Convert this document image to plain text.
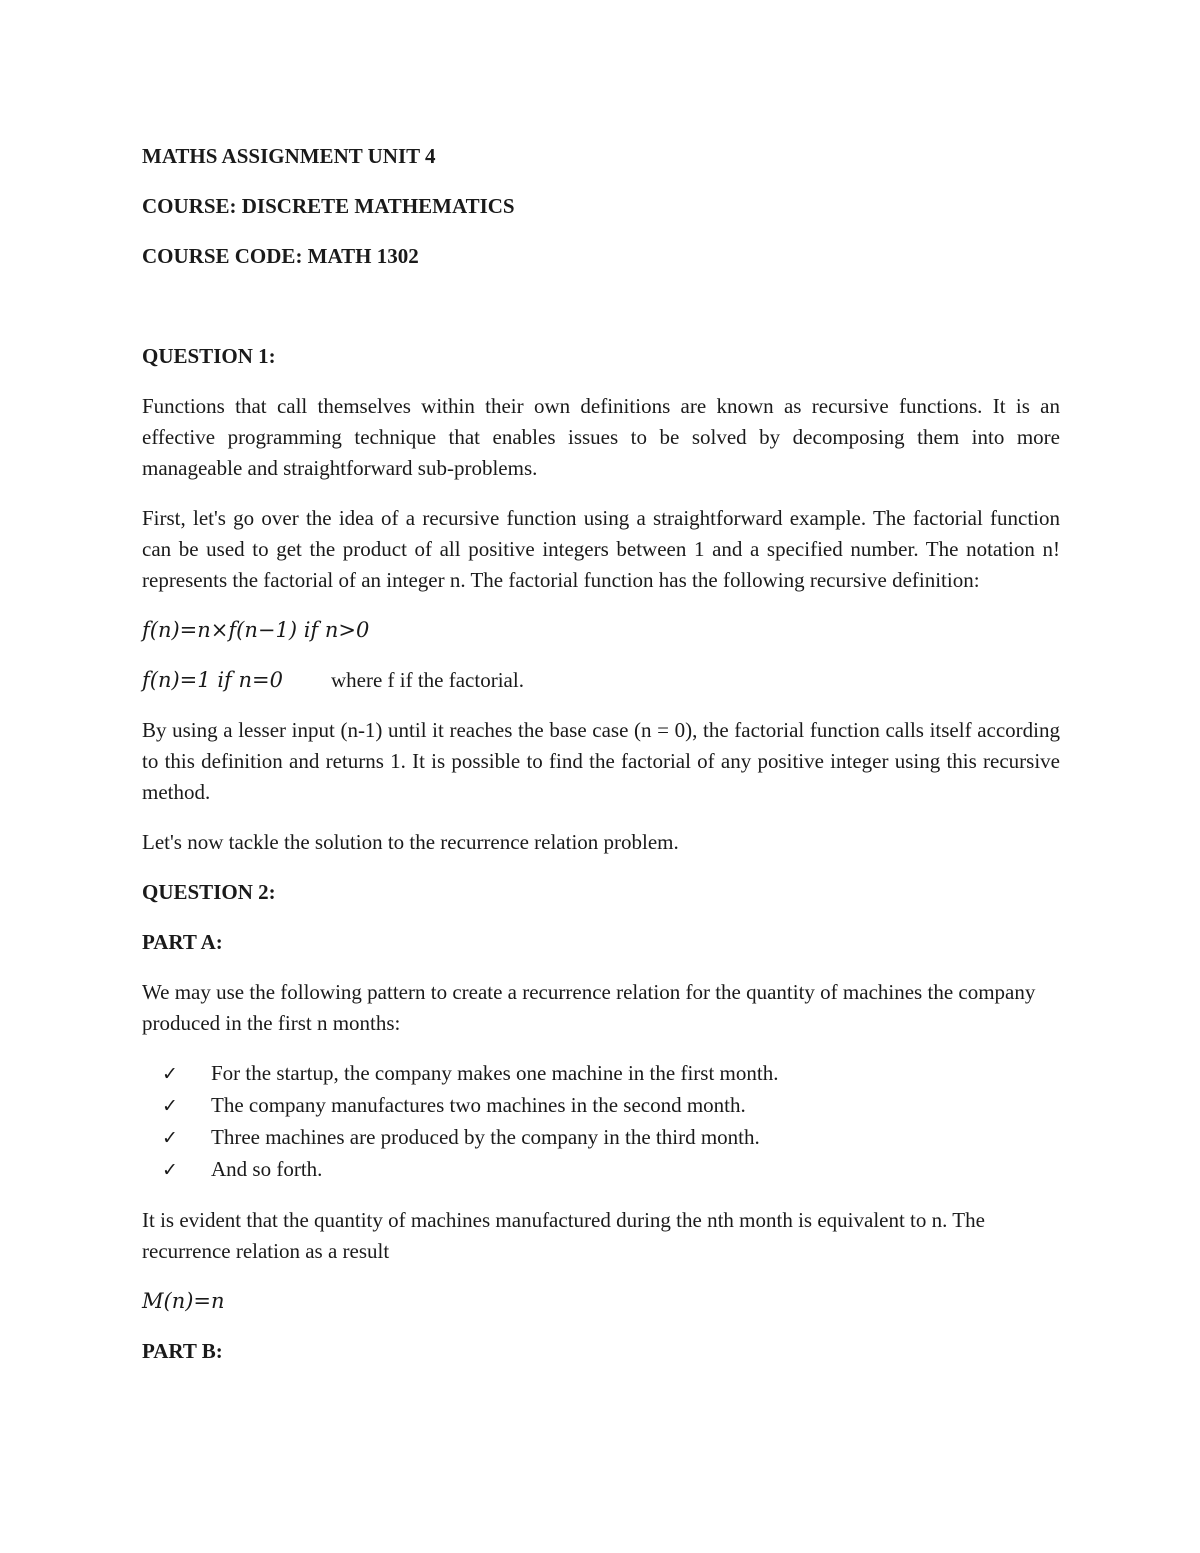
MATHS ASSIGNMENT UNIT 4
COURSE: DISCRETE MATHEMATICS
COURSE CODE: MATH 1302
QUESTION 1:

Functions that call themselves within their own definitions are known as recursive functions. It is an effective programming technique that enables issues to be solved by decomposing them into more manageable and straightforward sub-problems.

First, let's go over the idea of a recursive function using a straightforward example. The factorial function can be used to get the product of all positive integers between 1 and a specified number. The notation n! represents the factorial of an integer n. The factorial function has the following recursive definition:

f(n)=n×f(n−1) if n>0
f(n)=1 if n=0 where f if the factorial.

By using a lesser input (n-1) until it reaches the base case (n = 0), the factorial function calls itself according to this definition and returns 1. It is possible to find the factorial of any positive integer using this recursive method.

Let's now tackle the solution to the recurrence relation problem.

QUESTION 2:
PART A:

We may use the following pattern to create a recurrence relation for the quantity of machines the company produced in the first n months:

✓	For the startup, the company makes one machine in the first month.
✓	The company manufactures two machines in the second month.
✓	Three machines are produced by the company in the third month.
✓	And so forth.

It is evident that the quantity of machines manufactured during the nth month is equivalent to n. The recurrence relation as a result

M(n)=n
PART B:
